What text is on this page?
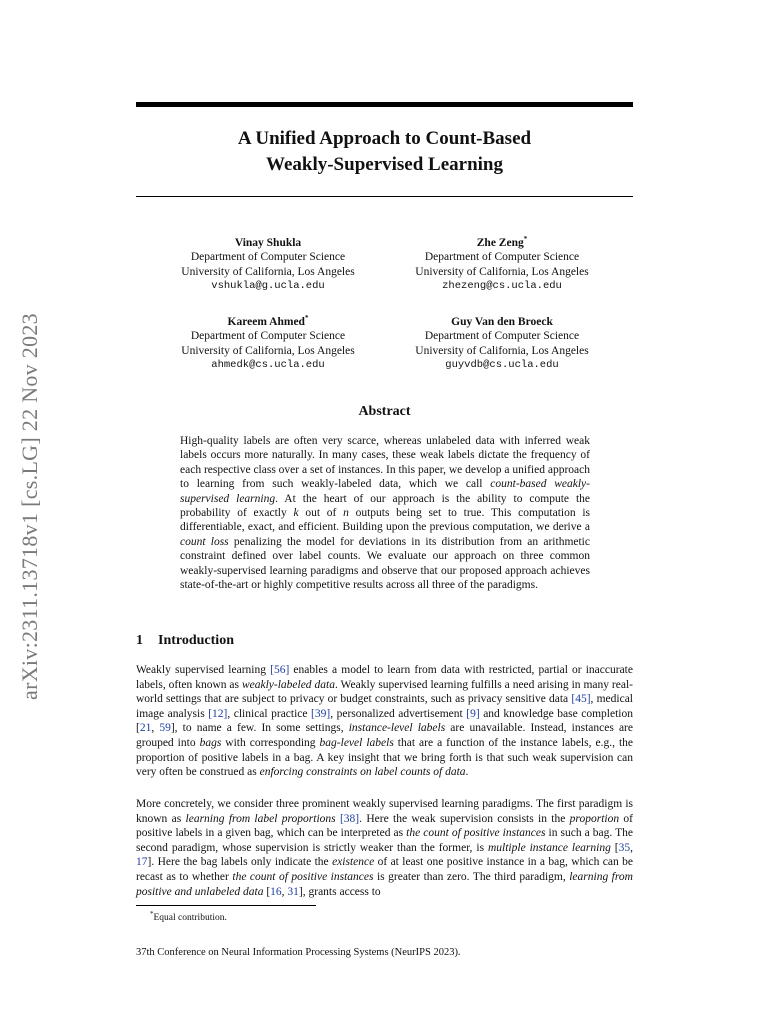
arXiv:2311.13718v1 [cs.LG] 22 Nov 2023
A Unified Approach to Count-Based
Weakly-Supervised Learning
Vinay Shukla
Department of Computer Science
University of California, Los Angeles
vshukla@g.ucla.edu
Zhe Zeng*
Department of Computer Science
University of California, Los Angeles
zhezeng@cs.ucla.edu
Kareem Ahmed*
Department of Computer Science
University of California, Los Angeles
ahmedk@cs.ucla.edu
Guy Van den Broeck
Department of Computer Science
University of California, Los Angeles
guyvdb@cs.ucla.edu
Abstract
High-quality labels are often very scarce, whereas unlabeled data with inferred weak labels occurs more naturally. In many cases, these weak labels dictate the frequency of each respective class over a set of instances. In this paper, we develop a unified approach to learning from such weakly-labeled data, which we call count-based weakly-supervised learning. At the heart of our approach is the ability to compute the probability of exactly k out of n outputs being set to true. This computation is differentiable, exact, and efficient. Building upon the previous computation, we derive a count loss penalizing the model for deviations in its distribution from an arithmetic constraint defined over label counts. We evaluate our approach on three common weakly-supervised learning paradigms and observe that our proposed approach achieves state-of-the-art or highly competitive results across all three of the paradigms.
1 Introduction
Weakly supervised learning [56] enables a model to learn from data with restricted, partial or inaccurate labels, often known as weakly-labeled data. Weakly supervised learning fulfills a need arising in many real-world settings that are subject to privacy or budget constraints, such as privacy sensitive data [45], medical image analysis [12], clinical practice [39], personalized advertisement [9] and knowledge base completion [21, 59], to name a few. In some settings, instance-level labels are unavailable. Instead, instances are grouped into bags with corresponding bag-level labels that are a function of the instance labels, e.g., the proportion of positive labels in a bag. A key insight that we bring forth is that such weak supervision can very often be construed as enforcing constraints on label counts of data.
More concretely, we consider three prominent weakly supervised learning paradigms. The first paradigm is known as learning from label proportions [38]. Here the weak supervision consists in the proportion of positive labels in a given bag, which can be interpreted as the count of positive instances in such a bag. The second paradigm, whose supervision is strictly weaker than the former, is multiple instance learning [35, 17]. Here the bag labels only indicate the existence of at least one positive instance in a bag, which can be recast as to whether the count of positive instances is greater than zero. The third paradigm, learning from positive and unlabeled data [16, 31], grants access to
*Equal contribution.
37th Conference on Neural Information Processing Systems (NeurIPS 2023).
